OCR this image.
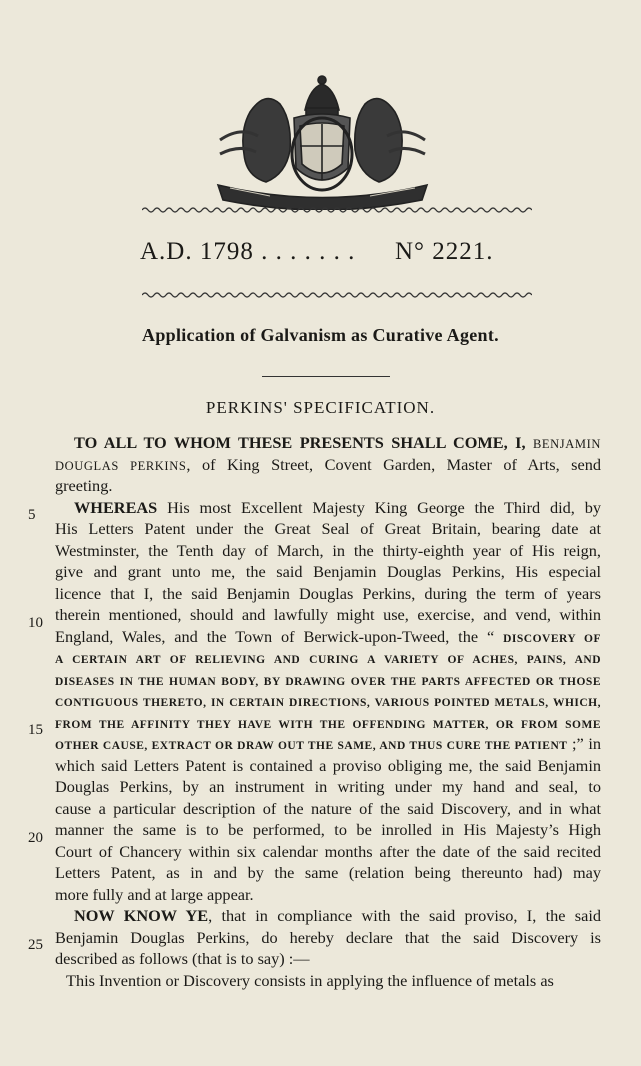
A.D. 1798 . . . . . . . N° 2221.
Application of Galvanism as Curative Agent.
PERKINS' SPECIFICATION.
TO ALL TO WHOM THESE PRESENTS SHALL COME, I, BENJAMIN
DOUGLAS PERKINS, of King Street, Covent Garden, Master of Arts, send
greeting.
WHEREAS His most Excellent Majesty King George the Third did, by
His Letters Patent under the Great Seal of Great Britain, bearing date at
Westminster, the Tenth day of March, in the thirty-eighth year of His reign,
give and grant unto me, the said Benjamin Douglas Perkins, His especial
licence that I, the said Benjamin Douglas Perkins, during the term of years
therein mentioned, should and lawfully might use, exercise, and vend, within
England, Wales, and the Town of Berwick-upon-Tweed, the “ DISCOVERY OF
A CERTAIN ART OF RELIEVING AND CURING A VARIETY OF ACHES, PAINS, AND
DISEASES IN THE HUMAN BODY, BY DRAWING OVER THE PARTS AFFECTED OR THOSE
CONTIGUOUS THERETO, IN CERTAIN DIRECTIONS, VARIOUS POINTED METALS, WHICH,
FROM THE AFFINITY THEY HAVE WITH THE OFFENDING MATTER, OR FROM SOME
OTHER CAUSE, EXTRACT OR DRAW OUT THE SAME, AND THUS CURE THE PATIENT ;” in
which said Letters Patent is contained a proviso obliging me, the said Benjamin
Douglas Perkins, by an instrument in writing under my hand and seal, to
cause a particular description of the nature of the said Discovery, and in what
manner the same is to be performed, to be inrolled in His Majesty’s High
Court of Chancery within six calendar months after the date of the said recited
Letters Patent, as in and by the same (relation being thereunto had) may
more fully and at large appear.
NOW KNOW YE, that in compliance with the said proviso, I, the said
Benjamin Douglas Perkins, do hereby declare that the said Discovery is
described as follows (that is to say) :—
This Invention or Discovery consists in applying the influence of metals as
5
10
15
20
25
